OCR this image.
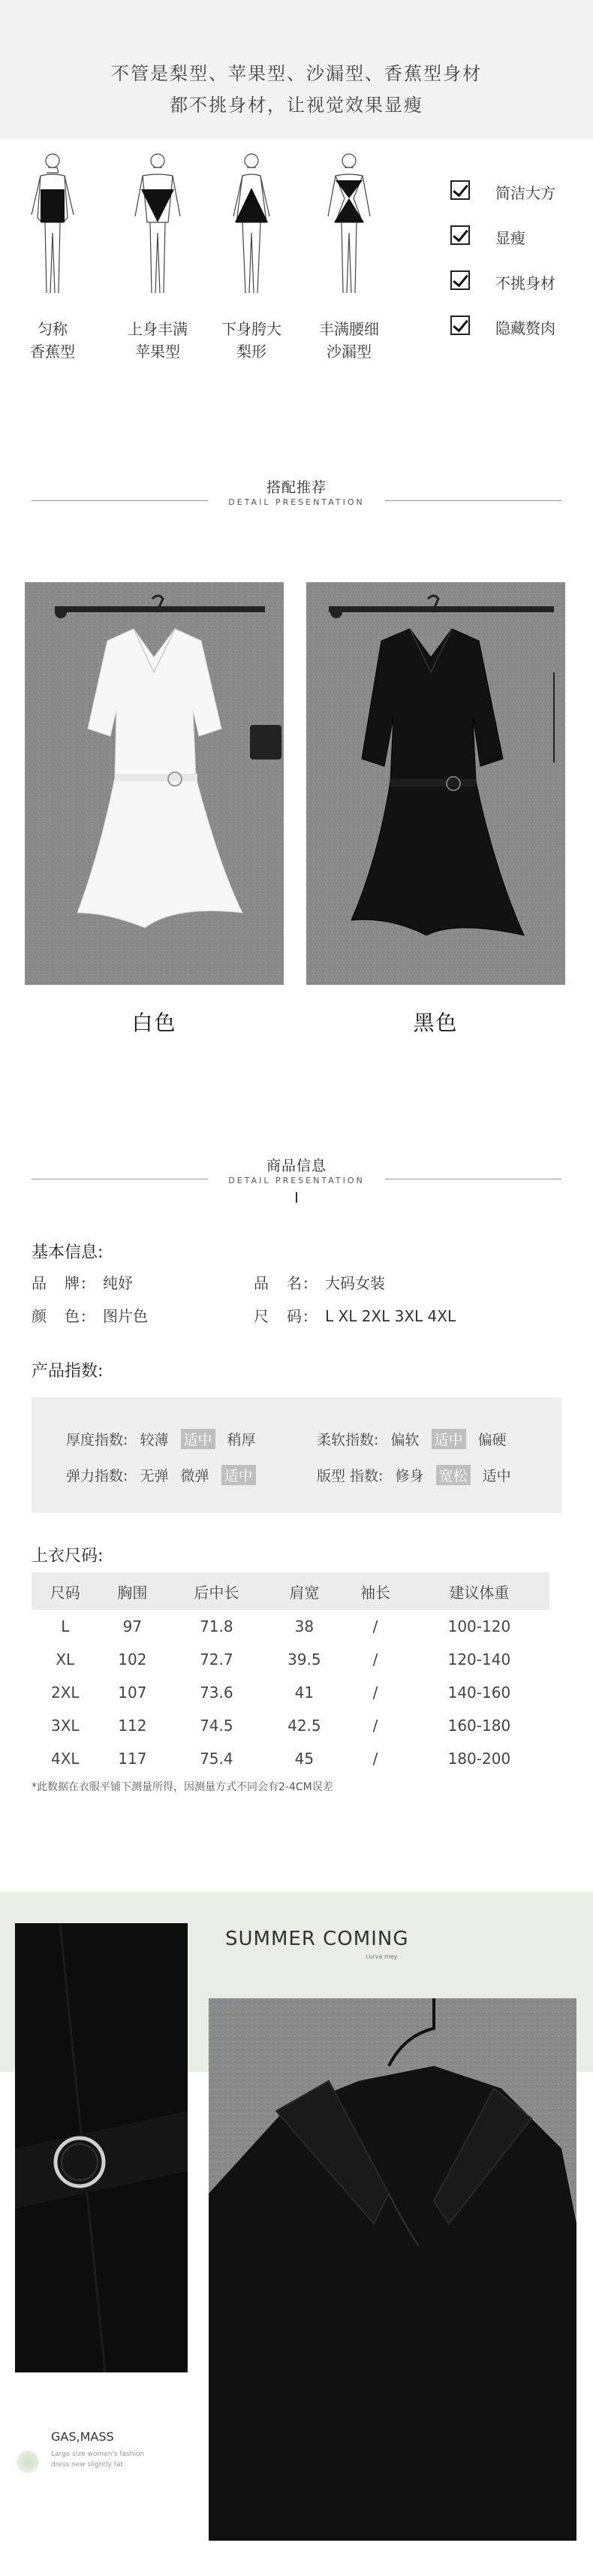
不管是梨型、苹果型、沙漏型、香蕉型身材
都不挑身材，让视觉效果显瘦
匀称
香蕉型
上身丰满
苹果型
下身胯大
梨形
丰满腰细
沙漏型
简洁大方
显瘦
不挑身材
隐藏赘肉
搭配推荐
DETAIL PRESENTATION
白色	黑色
商品信息
DETAIL PRESENTATION
基本信息:
品　牌: 纯妤	品　名: 大码女装
颜　色: 图片色	尺　码: L XL 2XL 3XL 4XL
产品指数:
厚度指数: 较薄 适中 稍厚	柔软指数: 偏软 适中 偏硬
弹力指数: 无弹 微弹 适中	版型 指数: 修身 宽松 适中
上衣尺码:
尺码	胸围	后中长	肩宽	袖长	建议体重
L	97	71.8	38	/	100-120
XL	102	72.7	39.5	/	120-140
2XL	107	73.6	41	/	140-160
3XL	112	74.5	42.5	/	160-180
4XL	117	75.4	45	/	180-200
*此数据在衣服平铺下测量所得，因测量方式不同会有2-4CM误差
SUMMER COMING
curva mey
GAS,MASS
Large size women's fashion
dress new slightly fat
